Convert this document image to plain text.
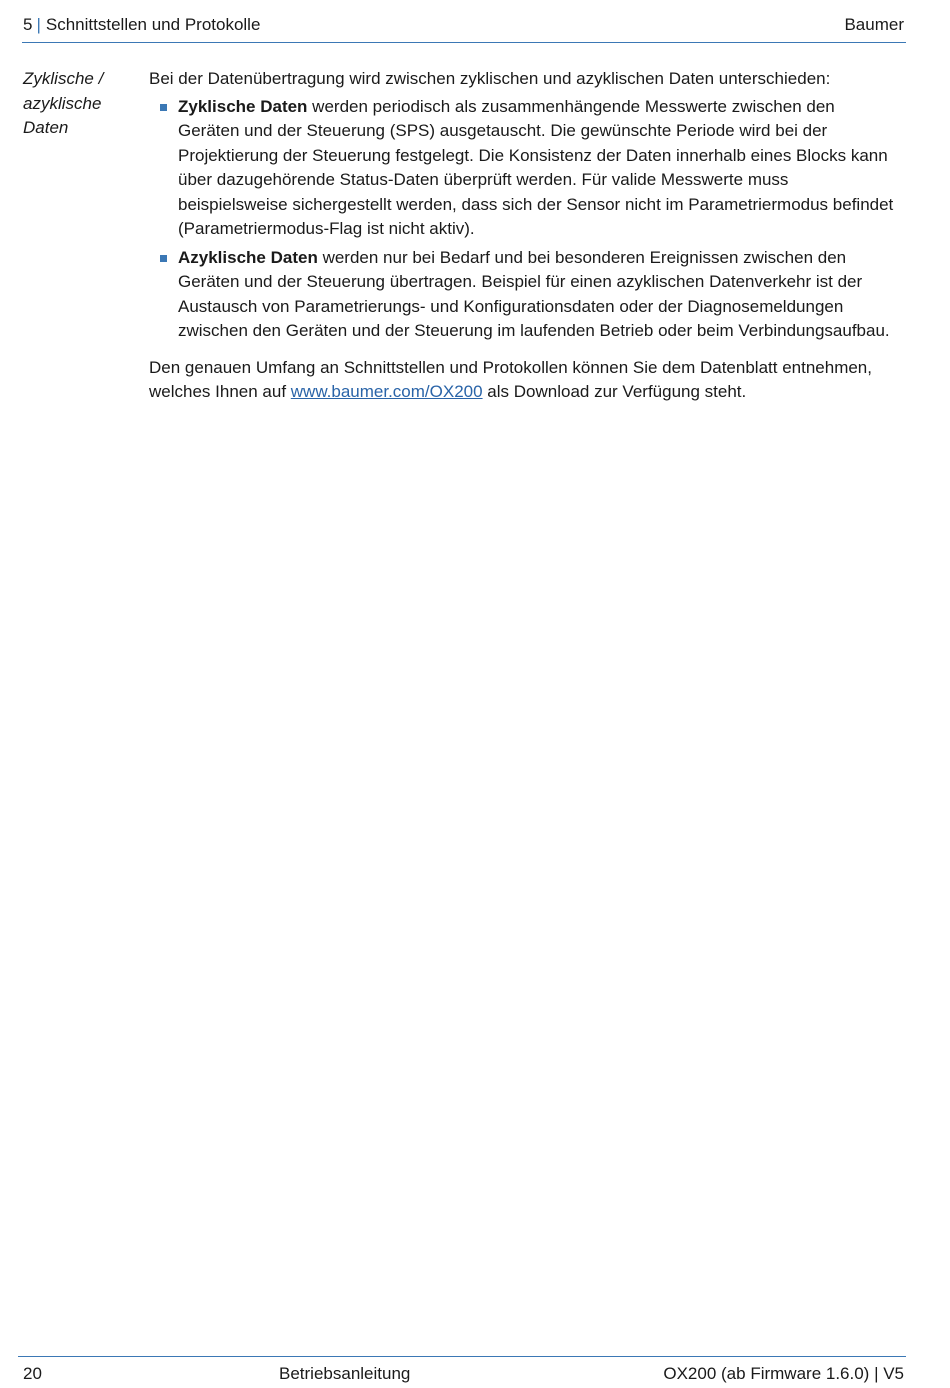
5 | Schnittstellen und Protokolle	Baumer
Zyklische /
azyklische
Daten

Bei der Datenübertragung wird zwischen zyklischen und azyklischen Daten unterschieden:

Zyklische Daten werden periodisch als zusammenhängende Messwerte zwischen den Geräten und der Steuerung (SPS) ausgetauscht. Die gewünschte Periode wird bei der Projektierung der Steuerung festgelegt. Die Konsistenz der Daten innerhalb eines Blocks kann über dazugehörende Status-Daten überprüft werden. Für valide Messwerte muss beispielsweise sichergestellt werden, dass sich der Sensor nicht im Parametriermodus befindet (Parametriermodus-Flag ist nicht aktiv).
Azyklische Daten werden nur bei Bedarf und bei besonderen Ereignissen zwischen den Geräten und der Steuerung übertragen. Beispiel für einen azyklischen Datenverkehr ist der Austausch von Parametrierungs- und Konfigurationsdaten oder der Diagnosemeldungen zwischen den Geräten und der Steuerung im laufenden Betrieb oder beim Verbindungsaufbau.

Den genauen Umfang an Schnittstellen und Protokollen können Sie dem Datenblatt entnehmen, welches Ihnen auf www.baumer.com/OX200 als Download zur Verfügung steht.

20	Betriebsanleitung	OX200 (ab Firmware 1.6.0) | V5
